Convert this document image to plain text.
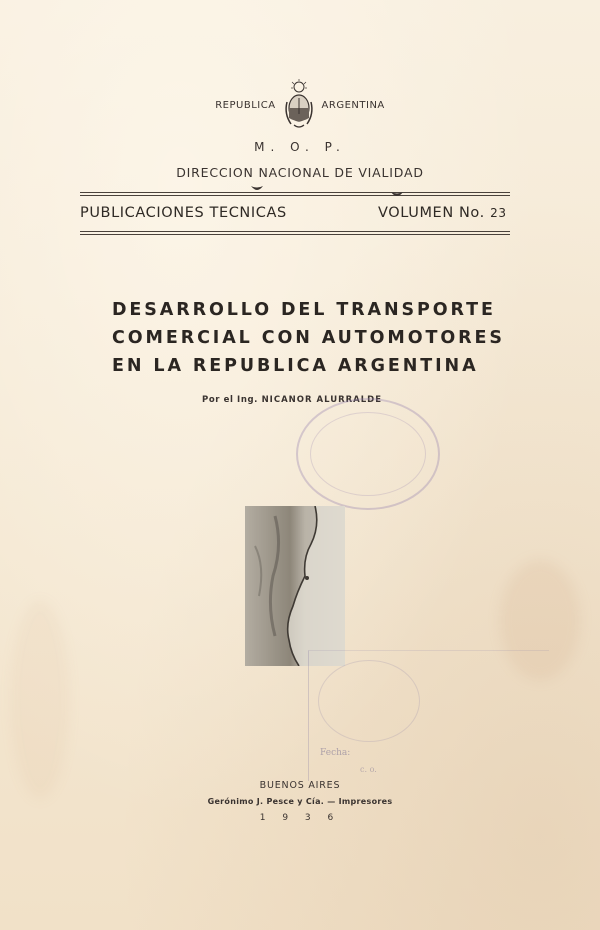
REPUBLICA	ARGENTINA
M. O. P.
DIRECCION NACIONAL DE VIALIDAD
PUBLICACIONES TECNICAS	VOLUMEN No. 23
DESARROLLO DEL TRANSPORTE
COMERCIAL CON AUTOMOTORES
EN LA REPUBLICA ARGENTINA
Por el Ing. NICANOR ALURRALDE
Fecha:
c. o.
BUENOS AIRES
Gerónimo J. Pesce y Cía. — Impresores
1 9 3 6
